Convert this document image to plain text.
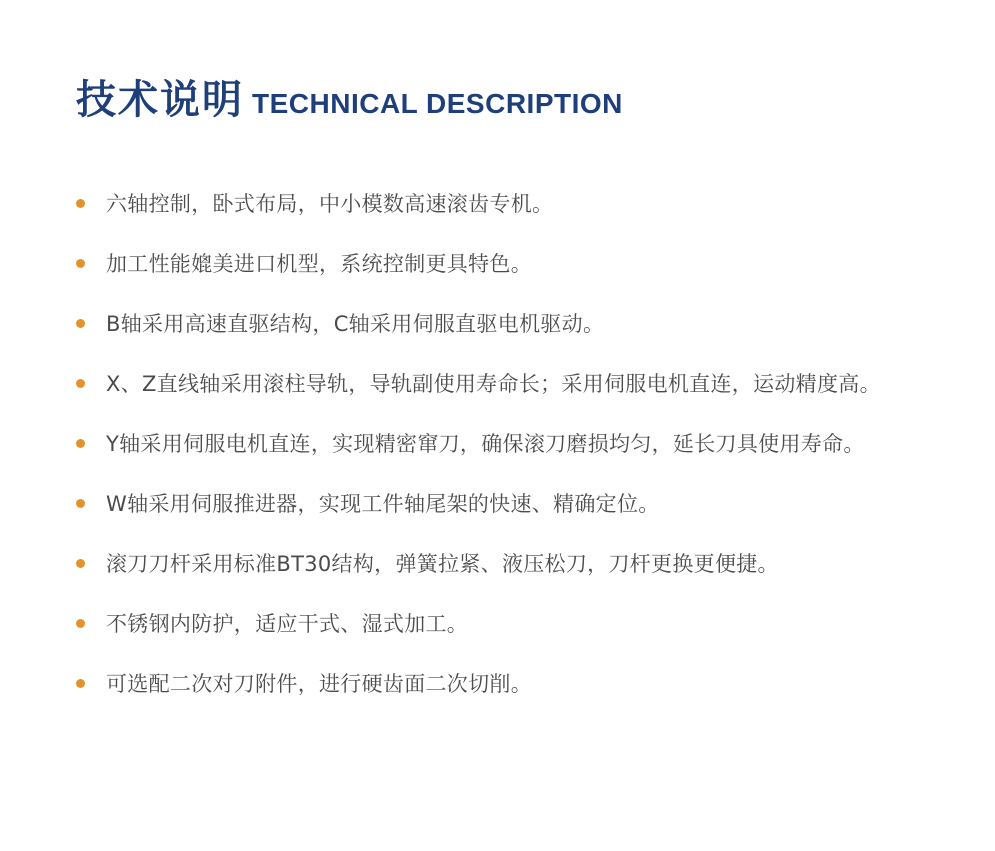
技术说明 TECHNICAL DESCRIPTION
六轴控制，卧式布局，中小模数高速滚齿专机。
加工性能媲美进口机型，系统控制更具特色。
B轴采用高速直驱结构，C轴采用伺服直驱电机驱动。
X、Z直线轴采用滚柱导轨，导轨副使用寿命长；采用伺服电机直连，运动精度高。
Y轴采用伺服电机直连，实现精密窜刀，确保滚刀磨损均匀，延长刀具使用寿命。
W轴采用伺服推进器，实现工件轴尾架的快速、精确定位。
滚刀刀杆采用标准BT30结构，弹簧拉紧、液压松刀，刀杆更换更便捷。
不锈钢内防护，适应干式、湿式加工。
可选配二次对刀附件，进行硬齿面二次切削。
